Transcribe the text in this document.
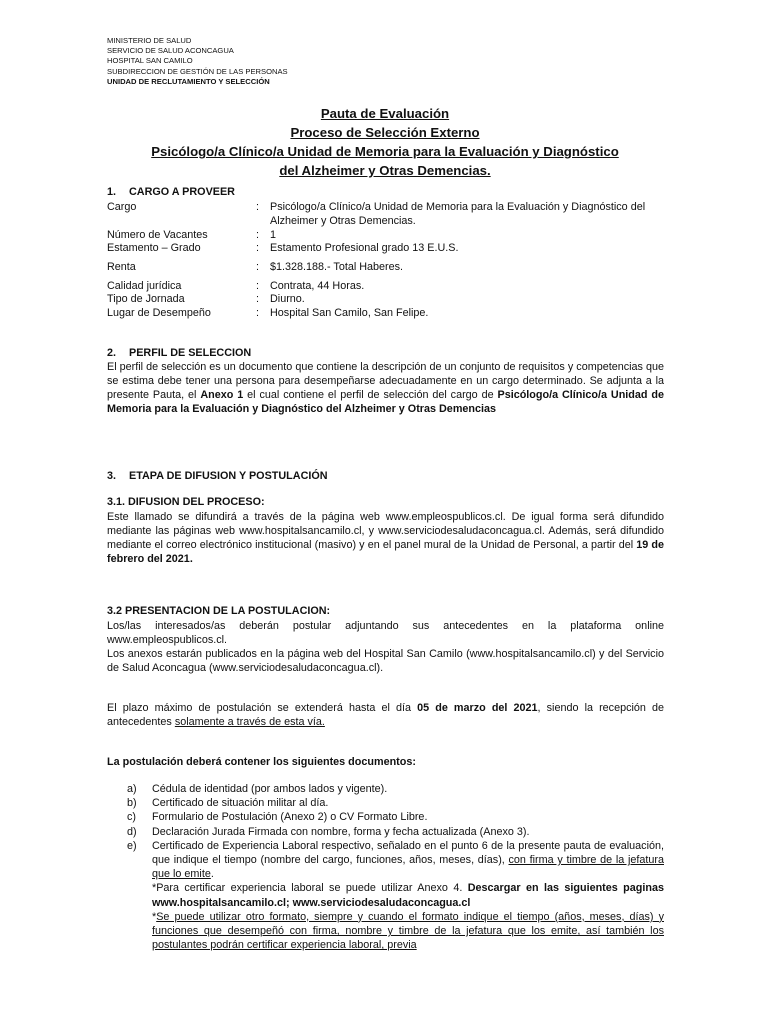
MINISTERIO DE SALUD
SERVICIO DE SALUD ACONCAGUA
HOSPITAL SAN CAMILO
SUBDIRECCION DE GESTIÓN DE LAS PERSONAS
UNIDAD DE RECLUTAMIENTO Y SELECCIÓN
Pauta de Evaluación
Proceso de Selección Externo
Psicólogo/a Clínico/a Unidad de Memoria para la Evaluación y Diagnóstico
del Alzheimer y Otras Demencias.
1. CARGO A PROVEER
Cargo	: Psicólogo/a Clínico/a Unidad de Memoria para la Evaluación y Diagnóstico del Alzheimer y Otras Demencias.
Número de Vacantes	: 1
Estamento – Grado	: Estamento Profesional grado 13 E.U.S.
Renta	: $1.328.188.- Total Haberes.
Calidad jurídica	: Contrata, 44 Horas.
Tipo de Jornada	: Diurno.
Lugar de Desempeño	: Hospital San Camilo, San Felipe.
2. PERFIL DE SELECCION
El perfil de selección es un documento que contiene la descripción de un conjunto de requisitos y competencias que se estima debe tener una persona para desempeñarse adecuadamente en un cargo determinado. Se adjunta a la presente Pauta, el Anexo 1 el cual contiene el perfil de selección del cargo de Psicólogo/a Clínico/a Unidad de Memoria para la Evaluación y Diagnóstico del Alzheimer y Otras Demencias
3. ETAPA DE DIFUSION Y POSTULACIÓN
3.1. DIFUSION DEL PROCESO:
Este llamado se difundirá a través de la página web www.empleospublicos.cl. De igual forma será difundido mediante las páginas web www.hospitalsancamilo.cl, y www.serviciodesaludaconcagua.cl. Además, será difundido mediante el correo electrónico institucional (masivo) y en el panel mural de la Unidad de Personal, a partir del 19 de febrero del 2021.
3.2 PRESENTACION DE LA POSTULACION:
Los/las interesados/as deberán postular adjuntando sus antecedentes en la plataforma online www.empleospublicos.cl.
Los anexos estarán publicados en la página web del Hospital San Camilo (www.hospitalsancamilo.cl) y del Servicio de Salud Aconcagua (www.serviciodesaludaconcagua.cl).
El plazo máximo de postulación se extenderá hasta el día 05 de marzo del 2021, siendo la recepción de antecedentes solamente a través de esta vía.
La postulación deberá contener los siguientes documentos:
a) Cédula de identidad (por ambos lados y vigente).
b) Certificado de situación militar al día.
c) Formulario de Postulación (Anexo 2) o CV Formato Libre.
d) Declaración Jurada Firmada con nombre, forma y fecha actualizada (Anexo 3).
e) Certificado de Experiencia Laboral respectivo, señalado en el punto 6 de la presente pauta de evaluación, que indique el tiempo (nombre del cargo, funciones, años, meses, días), con firma y timbre de la jefatura que lo emite.
*Para certificar experiencia laboral se puede utilizar Anexo 4. Descargar en las siguientes paginas www.hospitalsancamilo.cl; www.serviciodesaludaconcagua.cl
*Se puede utilizar otro formato, siempre y cuando el formato indique el tiempo (años, meses, días) y funciones que desempeñó con firma, nombre y timbre de la jefatura que los emite, así también los postulantes podrán certificar experiencia laboral, previa
